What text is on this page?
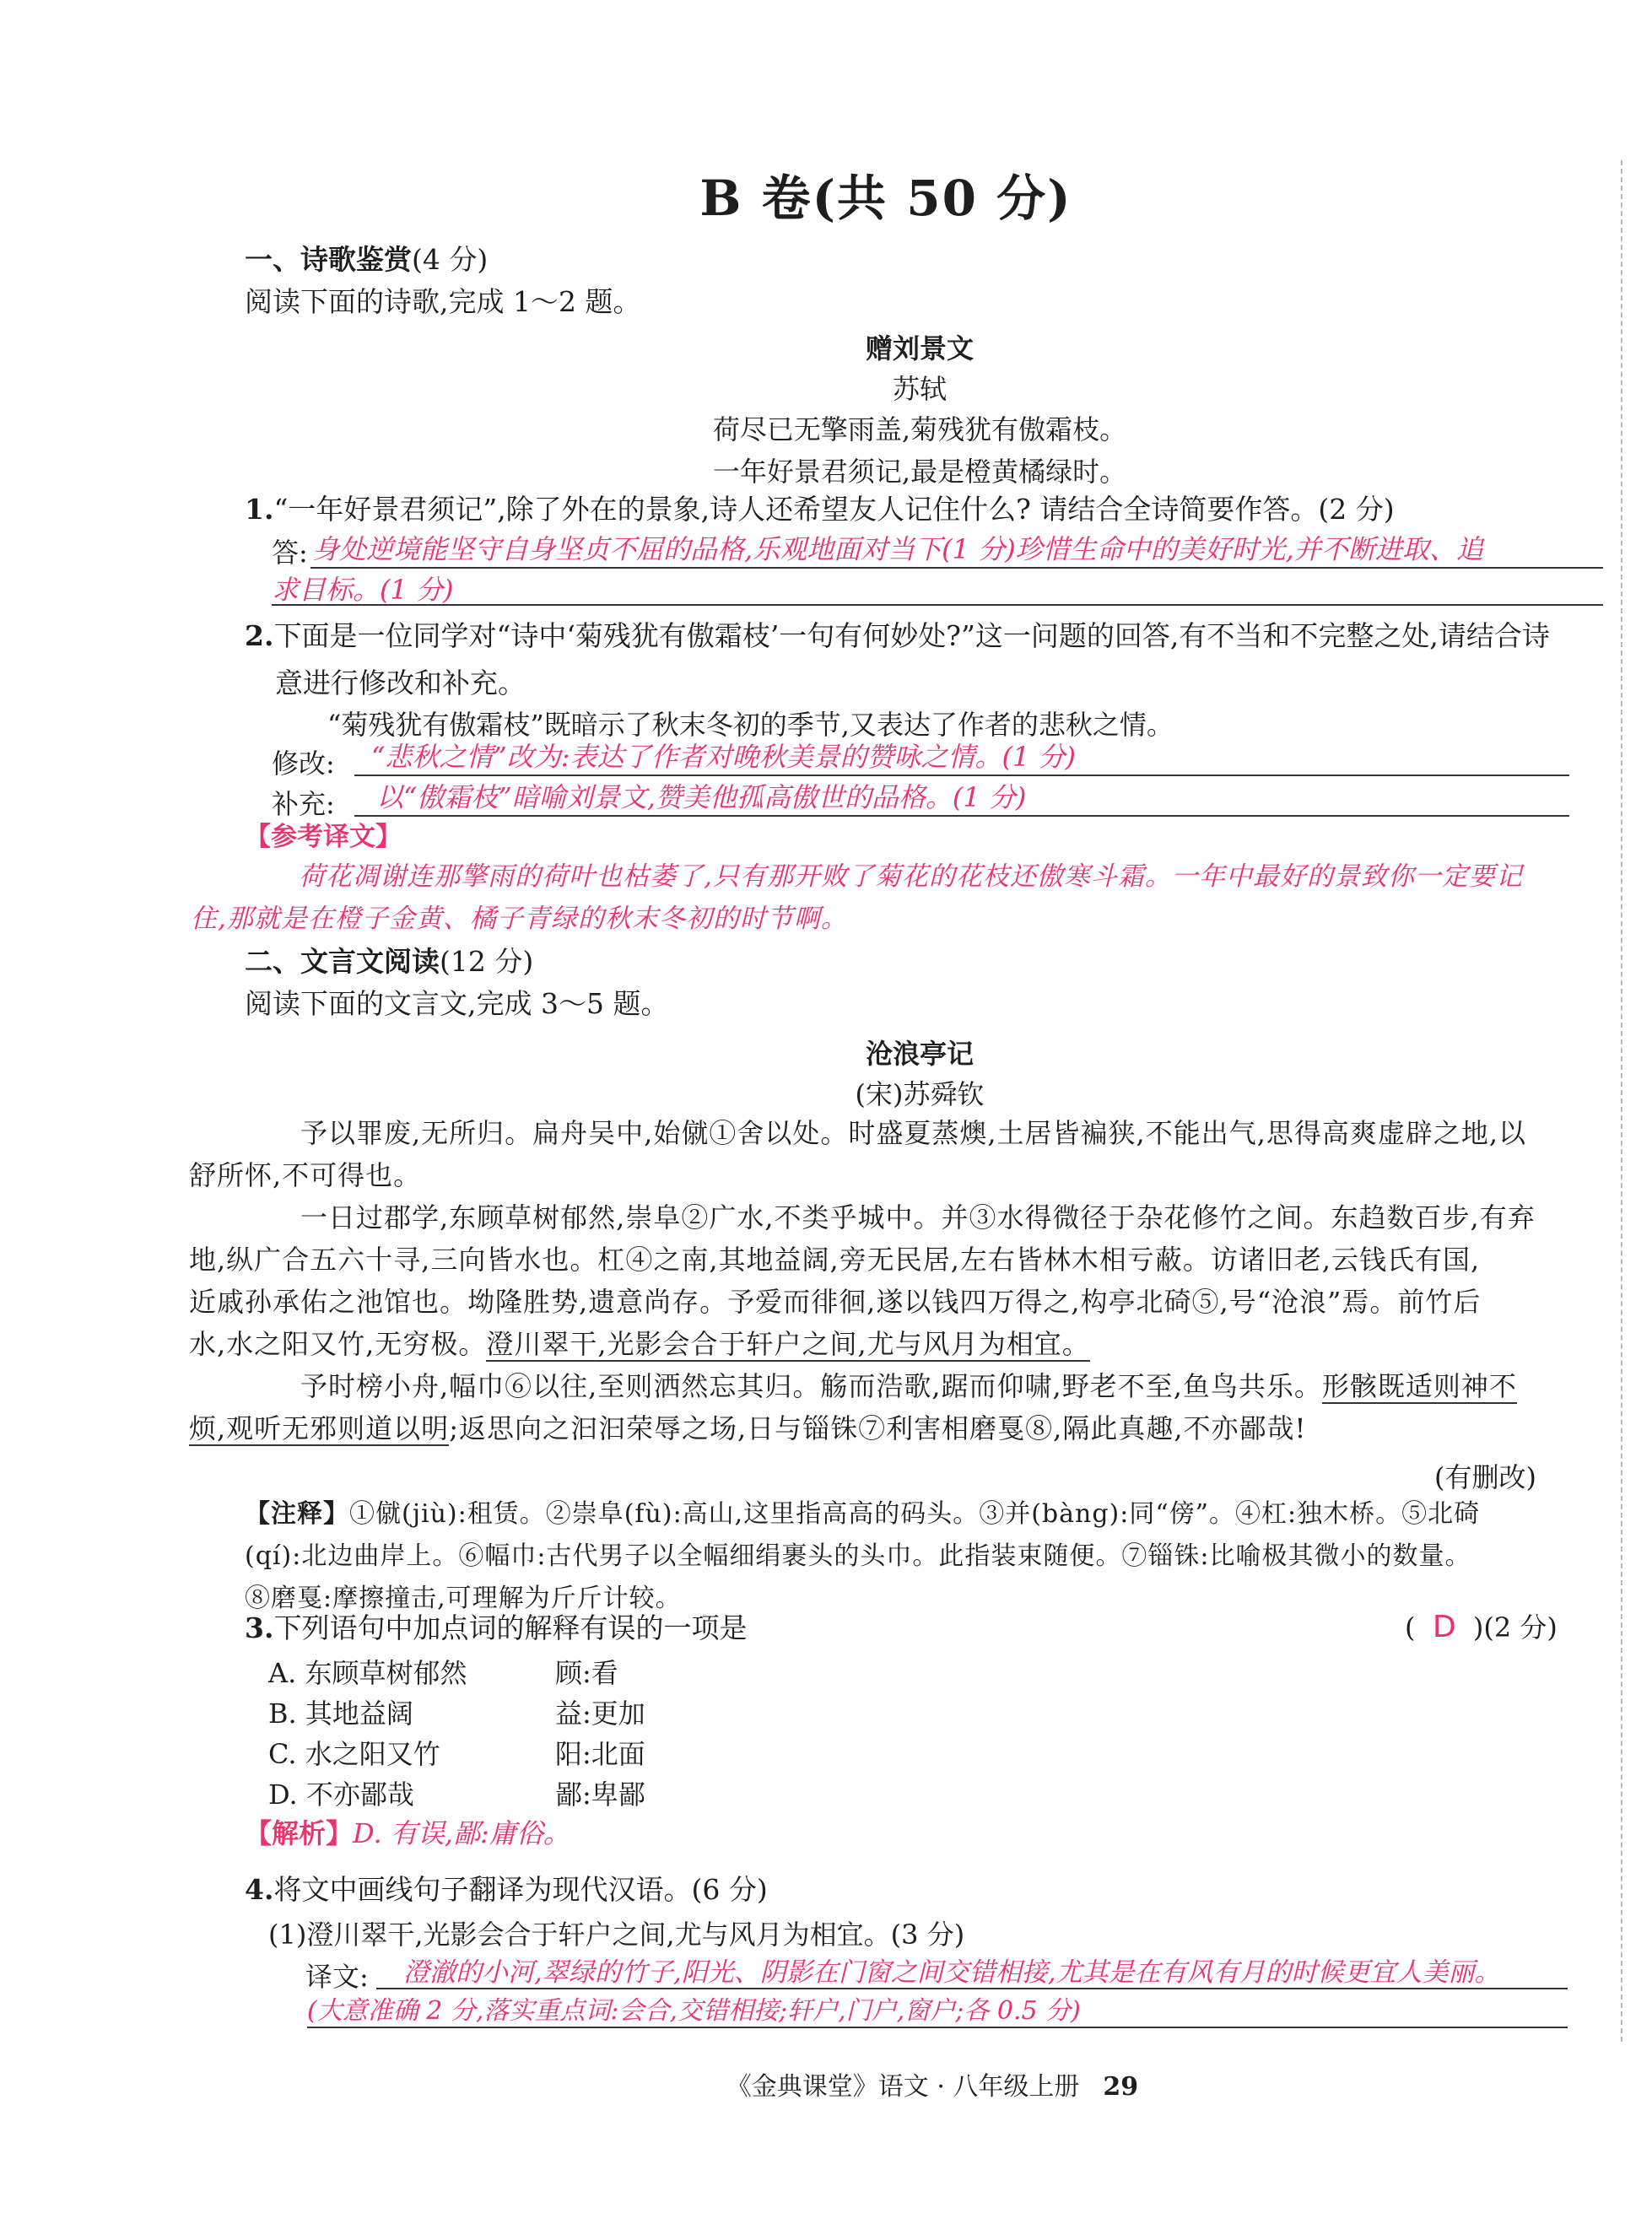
B 卷(共 50 分)
一、诗歌鉴赏(4 分)
阅读下面的诗歌,完成 1～2 题。
赠刘景文
苏轼
荷尽已无擎雨盖,菊残犹有傲霜枝。
一年好景君须记,最是橙黄橘绿时。
1.“一年好景君须记”,除了外在的景象,诗人还希望友人记住什么? 请结合全诗简要作答。(2 分)
答: 身处逆境能坚守自身坚贞不屈的品格,乐观地面对当下(1 分)珍惜生命中的美好时光,并不断进取、追
求目标。(1 分)
2.下面是一位同学对“诗中‘菊残犹有傲霜枝’一句有何妙处?”这一问题的回答,有不当和不完整之处,请结合诗
意进行修改和补充。
“菊残犹有傲霜枝”既暗示了秋末冬初的季节,又表达了作者的悲秋之情。
修改: “悲秋之情”改为:表达了作者对晚秋美景的赞咏之情。(1 分)
补充: 以“傲霜枝”暗喻刘景文,赞美他孤高傲世的品格。(1 分)
【参考译文】
荷花凋谢连那擎雨的荷叶也枯萎了,只有那开败了菊花的花枝还傲寒斗霜。一年中最好的景致你一定要记
住,那就是在橙子金黄、橘子青绿的秋末冬初的时节啊。
二、文言文阅读(12 分)
阅读下面的文言文,完成 3～5 题。
沧浪亭记
(宋)苏舜钦
予以罪废,无所归。扁舟吴中,始僦①舍以处。时盛夏蒸燠,土居皆褊狭,不能出气,思得高爽虚辟之地,以
舒所怀,不可得也。
一日过郡学,东顾草树郁然,崇阜②广水,不类乎城中。并③水得微径于杂花修竹之间。东趋数百步,有弃
地,纵广合五六十寻,三向皆水也。杠④之南,其地益阔,旁无民居,左右皆林木相亏蔽。访诸旧老,云钱氏有国,
近戚孙承佑之池馆也。坳隆胜势,遗意尚存。予爱而徘徊,遂以钱四万得之,构亭北碕⑤,号“沧浪”焉。前竹后
水,水之阳又竹,无穷极。澄川翠干,光影会合于轩户之间,尤与风月为相宜。
予时榜小舟,幅巾⑥以往,至则洒然忘其归。觞而浩歌,踞而仰啸,野老不至,鱼鸟共乐。形骸既适则神不
烦,观听无邪则道以明;返思向之汩汩荣辱之场,日与锱铢⑦利害相磨戛⑧,隔此真趣,不亦鄙哉!
(有删改)
【注释】①僦(jiù):租赁。②崇阜(fù):高山,这里指高高的码头。③并(bàng):同“傍”。④杠:独木桥。⑤北碕
(qí):北边曲岸上。⑥幅巾:古代男子以全幅细绢裹头的头巾。此指装束随便。⑦锱铢:比喻极其微小的数量。
⑧磨戛:摩擦撞击,可理解为斤斤计较。
3.下列语句中加点词的解释有误的一项是	( D )(2 分)
A. 东顾草树郁然	顾:看
B. 其地益阔	益:更加
C. 水之阳又竹	阳:北面
D. 不亦鄙哉	鄙:卑鄙
【解析】D. 有误,鄙:庸俗。
4.将文中画线句子翻译为现代汉语。(6 分)
(1)澄川翠干,光影会合于轩户之间,尤与风月为相宜。(3 分)
译文: 澄澈的小河,翠绿的竹子,阳光、阴影在门窗之间交错相接,尤其是在有风有月的时候更宜人美丽。
(大意准确 2 分,落实重点词:会合,交错相接;轩户,门户,窗户;各 0.5 分)
《金典课堂》语文 · 八年级上册 29
